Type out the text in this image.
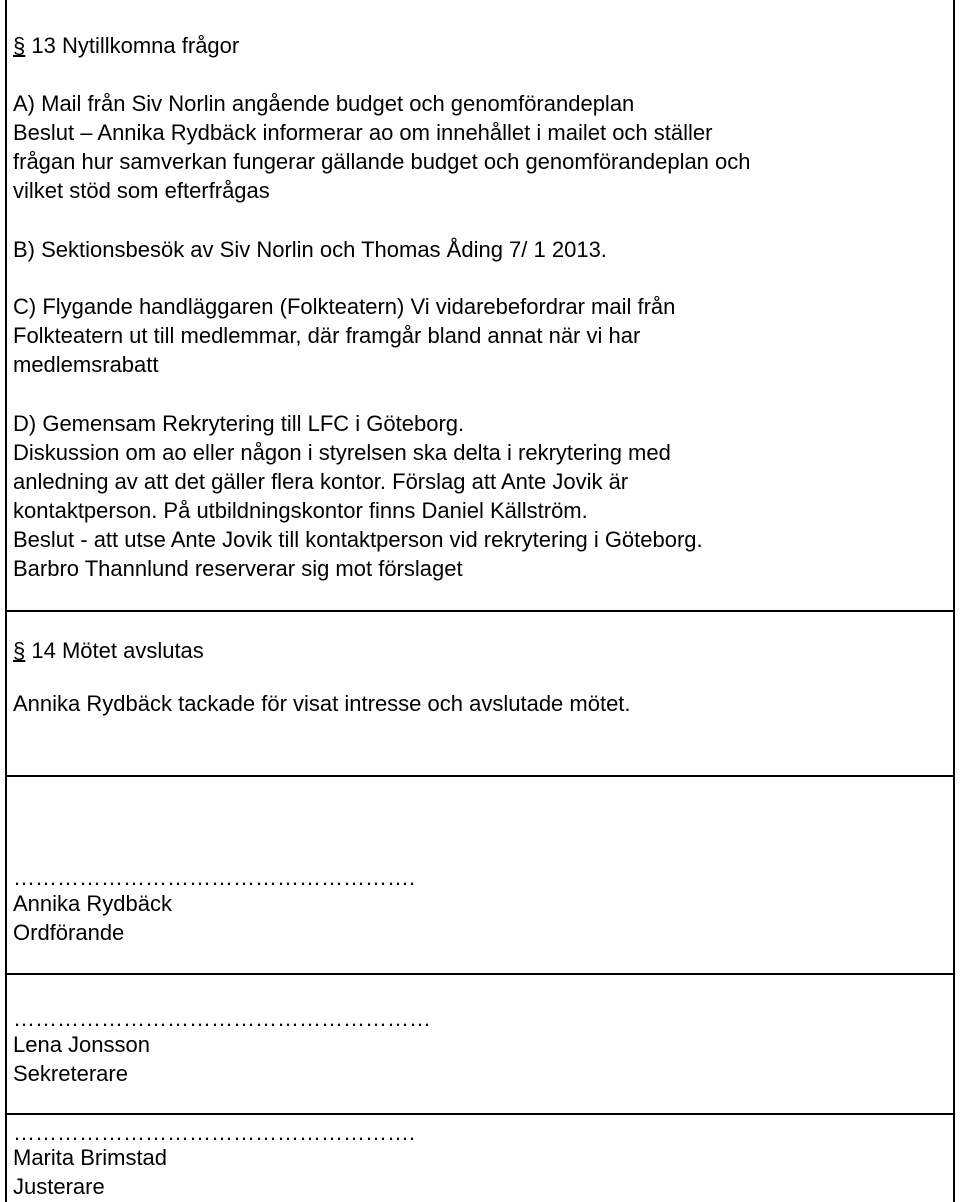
§ 13 Nytillkomna frågor
A) Mail från Siv Norlin angående budget och genomförandeplan
Beslut – Annika Rydbäck informerar ao om innehållet i mailet och ställer
frågan hur samverkan fungerar gällande budget och genomförandeplan och
vilket stöd som efterfrågas
B) Sektionsbesök av Siv Norlin och Thomas Åding 7/ 1 2013.
C) Flygande handläggaren (Folkteatern) Vi vidarebefordrar mail från
Folkteatern ut till medlemmar, där framgår bland annat när vi har
medlemsrabatt
D) Gemensam Rekrytering till LFC i Göteborg.
Diskussion om ao eller någon i styrelsen ska delta i rekrytering med
anledning av att det gäller flera kontor. Förslag att Ante Jovik är
kontaktperson. På utbildningskontor finns Daniel Källström.
Beslut - att utse Ante Jovik till kontaktperson vid rekrytering i Göteborg.
Barbro Thannlund reserverar sig mot förslaget
§ 14 Mötet avslutas
Annika Rydbäck tackade för visat intresse och avslutade mötet.
……………………………………………….
Annika Rydbäck
Ordförande
…………………………………………………
Lena Jonsson
Sekreterare
……………………………………………….
Marita Brimstad
Justerare
